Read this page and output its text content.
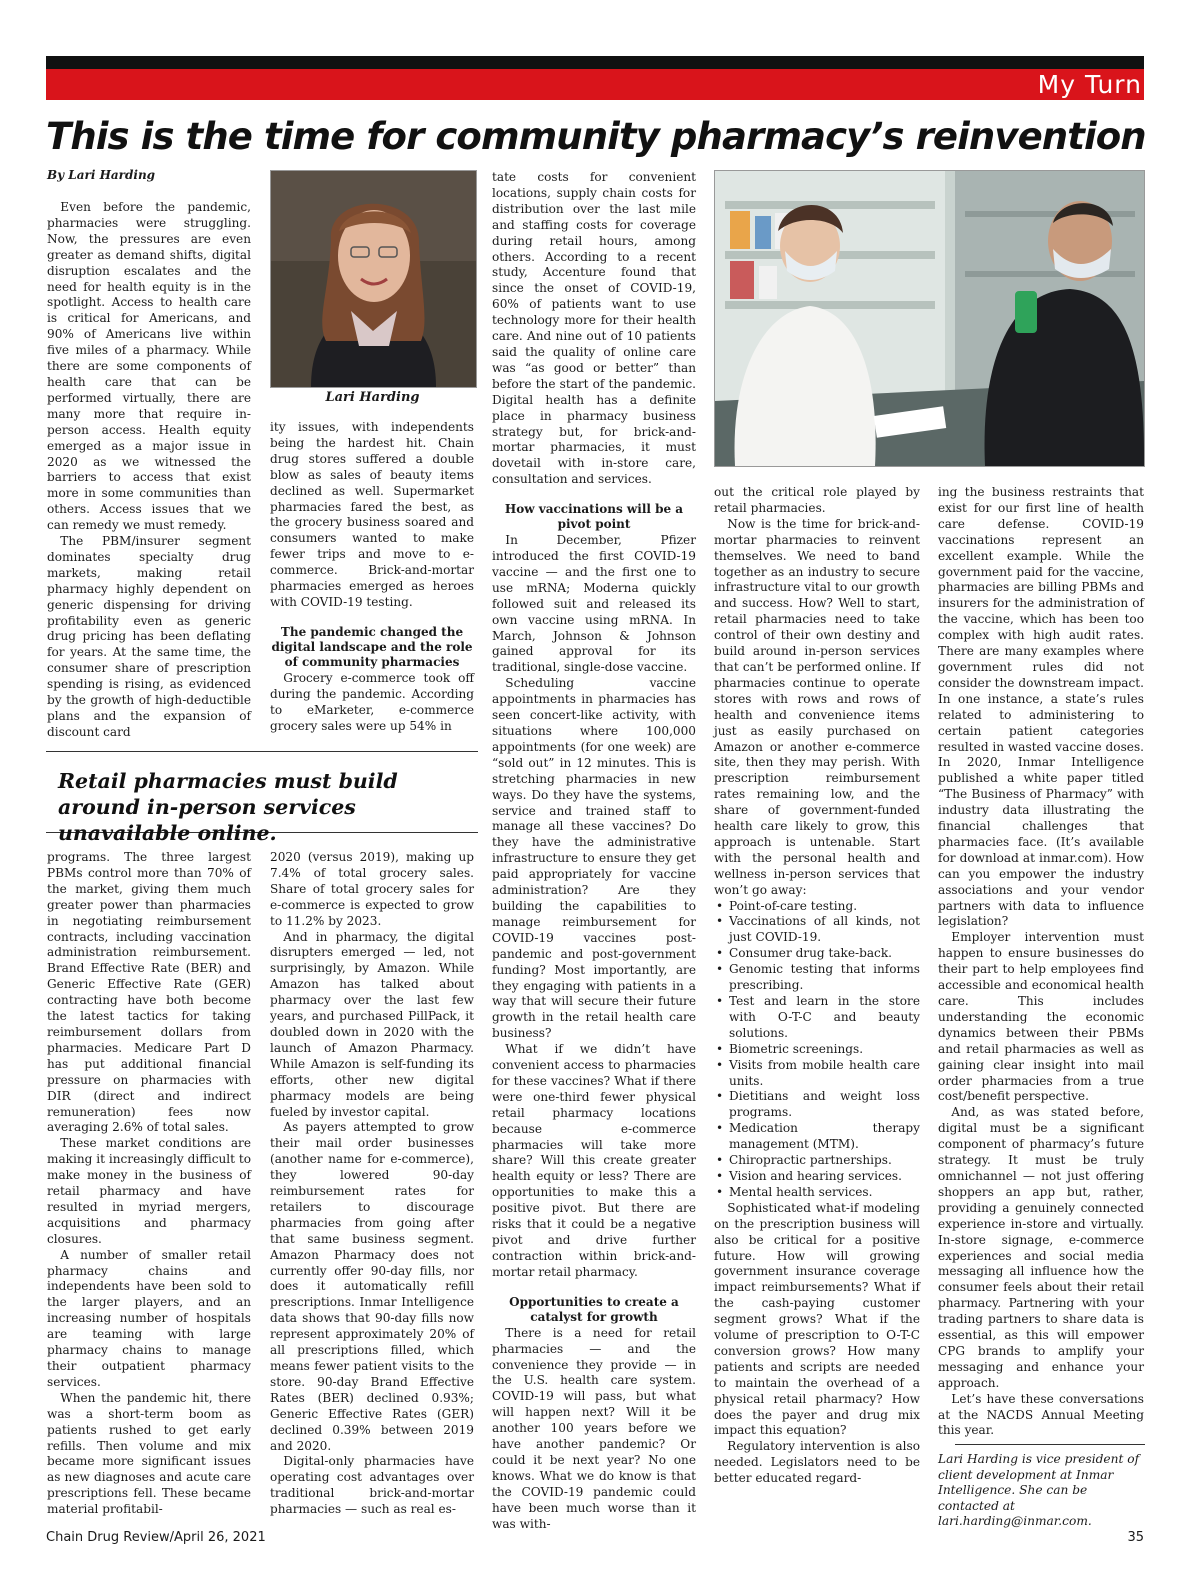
My Turn
This is the time for community pharmacy’s reinvention
By Lari Harding

Even before the pandemic, pharmacies were struggling. Now, the pressures are even greater as demand shifts, digital disruption escalates and the need for health equity is in the spotlight. Access to health care is critical for Americans, and 90% of Americans live within five miles of a pharmacy. While there are some components of health care that can be performed virtually, there are many more that require in-person access. Health equity emerged as a major issue in 2020 as we witnessed the barriers to access that exist more in some communities than others. Access issues that we can remedy we must remedy.

The PBM/insurer segment dominates specialty drug markets, making retail pharmacy highly dependent on generic dispensing for driving profitability even as generic drug pricing has been deflating for years. At the same time, the consumer share of prescription spending is rising, as evidenced by the growth of high-deductible plans and the expansion of discount card

Lari Harding

ity issues, with independents being the hardest hit. Chain drug stores suffered a double blow as sales of beauty items declined as well. Supermarket pharmacies fared the best, as the grocery business soared and consumers wanted to make fewer trips and move to e-commerce. Brick-and-mortar pharmacies emerged as heroes with COVID-19 testing.

The pandemic changed the digital landscape and the role of community pharmacies

Grocery e-commerce took off during the pandemic. According to eMarketer, e-commerce grocery sales were up 54% in

Retail pharmacies must build around in-person services unavailable online.

programs. The three largest PBMs control more than 70% of the market, giving them much greater power than pharmacies in negotiating reimbursement contracts, including vaccination administration reimbursement. Brand Effective Rate (BER) and Generic Effective Rate (GER) contracting have both become the latest tactics for taking reimbursement dollars from pharmacies. Medicare Part D has put additional financial pressure on pharmacies with DIR (direct and indirect remuneration) fees now averaging 2.6% of total sales.

These market conditions are making it increasingly difficult to make money in the business of retail pharmacy and have resulted in myriad mergers, acquisitions and pharmacy closures.

A number of smaller retail pharmacy chains and independents have been sold to the larger players, and an increasing number of hospitals are teaming with large pharmacy chains to manage their outpatient pharmacy services.

When the pandemic hit, there was a short-term boom as patients rushed to get early refills. Then volume and mix became more significant issues as new diagnoses and acute care prescriptions fell. These became material profitabil-

2020 (versus 2019), making up 7.4% of total grocery sales. Share of total grocery sales for e-commerce is expected to grow to 11.2% by 2023.

And in pharmacy, the digital disrupters emerged — led, not surprisingly, by Amazon. While Amazon has talked about pharmacy over the last few years, and purchased PillPack, it doubled down in 2020 with the launch of Amazon Pharmacy. While Amazon is self-funding its efforts, other new digital pharmacy models are being fueled by investor capital.

As payers attempted to grow their mail order businesses (another name for e-commerce), they lowered 90-day reimbursement rates for retailers to discourage pharmacies from going after that same business segment. Amazon Pharmacy does not currently offer 90-day fills, nor does it automatically refill prescriptions. Inmar Intelligence data shows that 90-day fills now represent approximately 20% of all prescriptions filled, which means fewer patient visits to the store. 90-day Brand Effective Rates (BER) declined 0.93%; Generic Effective Rates (GER) declined 0.39% between 2019 and 2020.

Digital-only pharmacies have operating cost advantages over traditional brick-and-mortar pharmacies — such as real es-

tate costs for convenient locations, supply chain costs for distribution over the last mile and staffing costs for coverage during retail hours, among others. According to a recent study, Accenture found that since the onset of COVID-19, 60% of patients want to use technology more for their health care. And nine out of 10 patients said the quality of online care was “as good or better” than before the start of the pandemic. Digital health has a definite place in pharmacy business strategy but, for brick-and-mortar pharmacies, it must dovetail with in-store care, consultation and services.

How vaccinations will be a pivot point

In December, Pfizer introduced the first COVID-19 vaccine — and the first one to use mRNA; Moderna quickly followed suit and released its own vaccine using mRNA. In March, Johnson & Johnson gained approval for its traditional, single-dose vaccine.

Scheduling vaccine appointments in pharmacies has seen concert-like activity, with situations where 100,000 appointments (for one week) are “sold out” in 12 minutes. This is stretching pharmacies in new ways. Do they have the systems, service and trained staff to manage all these vaccines? Do they have the administrative infrastructure to ensure they get paid appropriately for vaccine administration? Are they building the capabilities to manage reimbursement for COVID-19 vaccines post-pandemic and post-government funding? Most importantly, are they engaging with patients in a way that will secure their future growth in the retail health care business?

What if we didn’t have convenient access to pharmacies for these vaccines? What if there were one-third fewer physical retail pharmacy locations because e-commerce pharmacies will take more share? Will this create greater health equity or less? There are opportunities to make this a positive pivot. But there are risks that it could be a negative pivot and drive further contraction within brick-and-mortar retail pharmacy.

Opportunities to create a catalyst for growth

There is a need for retail pharmacies — and the convenience they provide — in the U.S. health care system. COVID-19 will pass, but what will happen next? Will it be another 100 years before we have another pandemic? Or could it be next year? No one knows. What we do know is that the COVID-19 pandemic could have been much worse than it was with-

out the critical role played by retail pharmacies.

Now is the time for brick-and-mortar pharmacies to reinvent themselves. We need to band together as an industry to secure infrastructure vital to our growth and success. How? Well to start, retail pharmacies need to take control of their own destiny and build around in-person services that can’t be performed online. If pharmacies continue to operate stores with rows and rows of health and convenience items just as easily purchased on Amazon or another e-commerce site, then they may perish. With prescription reimbursement rates remaining low, and the share of government-funded health care likely to grow, this approach is untenable. Start with the personal health and wellness in-person services that won’t go away:

• Point-of-care testing.
• Vaccinations of all kinds, not just COVID-19.
• Consumer drug take-back.
• Genomic testing that informs prescribing.
• Test and learn in the store with O-T-C and beauty solutions.
• Biometric screenings.
• Visits from mobile health care units.
• Dietitians and weight loss programs.
• Medication therapy management (MTM).
• Chiropractic partnerships.
• Vision and hearing services.
• Mental health services.

Sophisticated what-if modeling on the prescription business will also be critical for a positive future. How will growing government insurance coverage impact reimbursements? What if the cash-paying customer segment grows? What if the volume of prescription to O-T-C conversion grows? How many patients and scripts are needed to maintain the overhead of a physical retail pharmacy? How does the payer and drug mix impact this equation?

Regulatory intervention is also needed. Legislators need to be better educated regard-

ing the business restraints that exist for our first line of health care defense. COVID-19 vaccinations represent an excellent example. While the government paid for the vaccine, pharmacies are billing PBMs and insurers for the administration of the vaccine, which has been too complex with high audit rates. There are many examples where government rules did not consider the downstream impact. In one instance, a state’s rules related to administering to certain patient categories resulted in wasted vaccine doses. In 2020, Inmar Intelligence published a white paper titled “The Business of Pharmacy” with industry data illustrating the financial challenges that pharmacies face. (It’s available for download at inmar.com). How can you empower the industry associations and your vendor partners with data to influence legislation?

Employer intervention must happen to ensure businesses do their part to help employees find accessible and economical health care. This includes understanding the economic dynamics between their PBMs and retail pharmacies as well as gaining clear insight into mail order pharmacies from a true cost/benefit perspective.

And, as was stated before, digital must be a significant component of pharmacy’s future strategy. It must be truly omnichannel — not just offering shoppers an app but, rather, providing a genuinely connected experience in-store and virtually. In-store signage, e-commerce experiences and social media messaging all influence how the consumer feels about their retail pharmacy. Partnering with your trading partners to share data is essential, as this will empower CPG brands to amplify your messaging and enhance your approach.

Let’s have these conversations at the NACDS Annual Meeting this year.

Lari Harding is vice president of client development at Inmar Intelligence. She can be contacted at lari.harding@inmar.com.
Chain Drug Review/April 26, 2021	35
